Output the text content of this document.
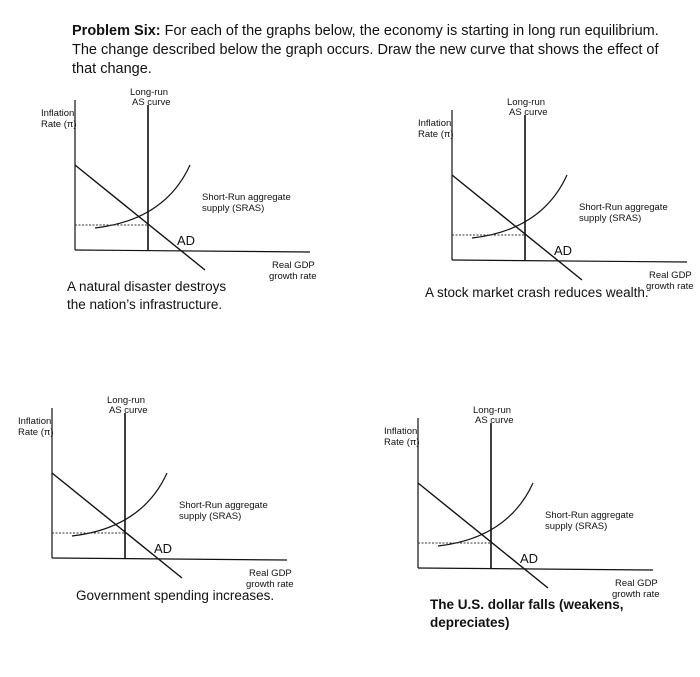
Problem Six: For each of the graphs below, the economy is starting in long run equilibrium. The change described below the graph occurs. Draw the new curve that shows the effect of that change.
Inflation
Rate (π)
Long-run
AS curve
Short-Run aggregate
supply (SRAS)
AD
Real GDP
growth rate
Inflation
Rate (π)
Long-run
AS curve
Short-Run aggregate
supply (SRAS)
AD
Real GDP
growth rate
Inflation
Rate (π)
Long-run
AS curve
Short-Run aggregate
supply (SRAS)
AD
Real GDP
growth rate
Inflation
Rate (π)
Long-run
AS curve
Short-Run aggregate
supply (SRAS)
AD
Real GDP
growth rate
A natural disaster destroys
the nation’s infrastructure.
A stock market crash reduces wealth.
Government spending increases.
The U.S. dollar falls (weakens,
depreciates)
